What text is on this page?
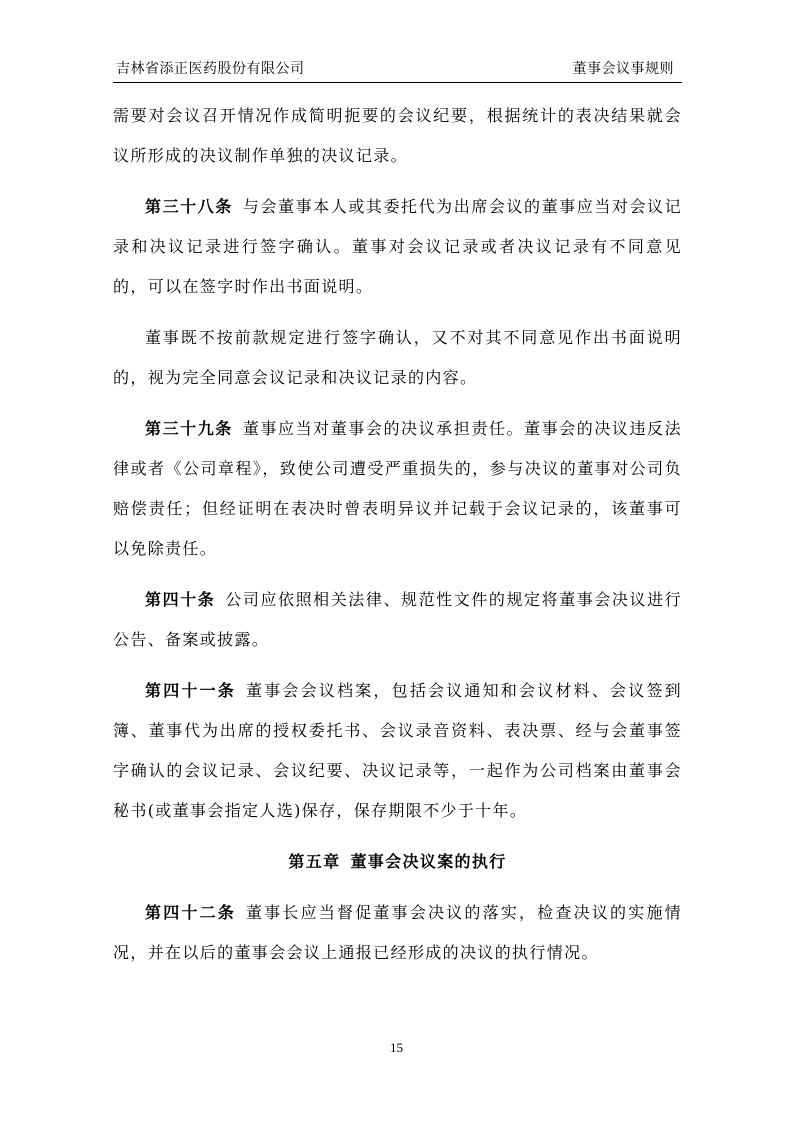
吉林省添正医药股份有限公司	董事会议事规则

需要对会议召开情况作成简明扼要的会议纪要，根据统计的表决结果就会议所形成的决议制作单独的决议记录。

第三十八条 与会董事本人或其委托代为出席会议的董事应当对会议记录和决议记录进行签字确认。董事对会议记录或者决议记录有不同意见的，可以在签字时作出书面说明。

董事既不按前款规定进行签字确认，又不对其不同意见作出书面说明的，视为完全同意会议记录和决议记录的内容。

第三十九条 董事应当对董事会的决议承担责任。董事会的决议违反法律或者《公司章程》，致使公司遭受严重损失的，参与决议的董事对公司负赔偿责任；但经证明在表决时曾表明异议并记载于会议记录的，该董事可以免除责任。

第四十条 公司应依照相关法律、规范性文件的规定将董事会决议进行公告、备案或披露。

第四十一条 董事会会议档案，包括会议通知和会议材料、会议签到簿、董事代为出席的授权委托书、会议录音资料、表决票、经与会董事签字确认的会议记录、会议纪要、决议记录等，一起作为公司档案由董事会秘书(或董事会指定人选)保存，保存期限不少于十年。

第五章 董事会决议案的执行

第四十二条 董事长应当督促董事会决议的落实，检查决议的实施情况，并在以后的董事会会议上通报已经形成的决议的执行情况。

15
